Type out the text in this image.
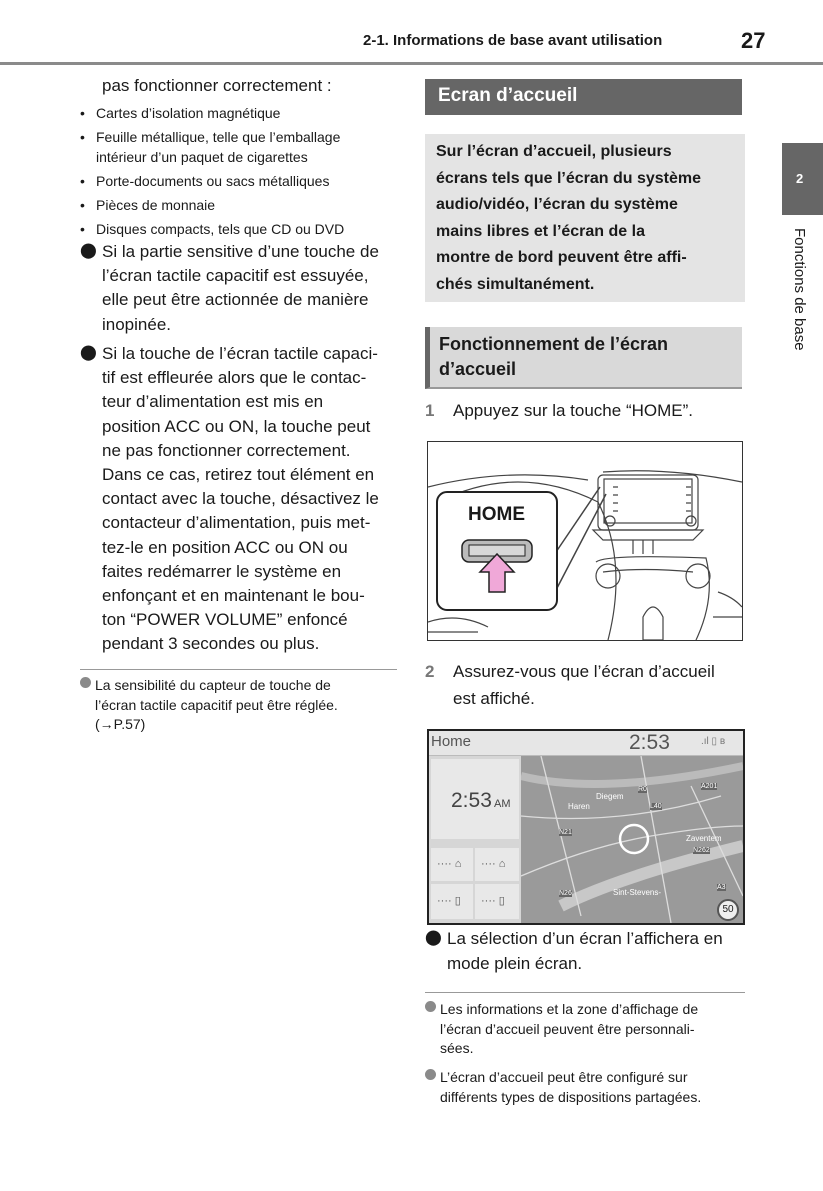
2-1. Informations de base avant utilisation	27
2
Fonctions de base
pas fonctionner correctement :
• Cartes d’isolation magnétique
• Feuille métallique, telle que l’emballage
intérieur d’un paquet de cigarettes
• Porte-documents ou sacs métalliques
• Pièces de monnaie
• Disques compacts, tels que CD ou DVD
⬤ Si la partie sensitive d’une touche de
l’écran tactile capacitif est essuyée,
elle peut être actionnée de manière
inopinée.
⬤ Si la touche de l’écran tactile capaci-
tif est effleurée alors que le contac-
teur d’alimentation est mis en
position ACC ou ON, la touche peut
ne pas fonctionner correctement.
Dans ce cas, retirez tout élément en
contact avec la touche, désactivez le
contacteur d’alimentation, puis met-
tez-le en position ACC ou ON ou
faites redémarrer le système en
enfonçant et en maintenant le bou-
ton “POWER VOLUME” enfoncé
pendant 3 secondes ou plus.
La sensibilité du capteur de touche de
l’écran tactile capacitif peut être réglée.
(→P.57)
Ecran d’accueil
Sur l’écran d’accueil, plusieurs
écrans tels que l’écran du système
audio/vidéo, l’écran du système
mains libres et l’écran de la
montre de bord peuvent être affi-
chés simultanément.
Fonctionnement de l’écran
d’accueil
1 Appuyez sur la touche “HOME”.
HOME
2 Assurez-vous que l’écran d’accueil
est affiché.
Home	2:53	.ıl ▯ ʙ
2:53 AM
···· ⌂	···· ⌂
···· ▯	···· ▯
Haren
Diegem
Zaventem
R0
L40
A201
N21
N262
N26
A3
Sint-Stevens-
50
⬤ La sélection d’un écran l’affichera en
mode plein écran.
Les informations et la zone d’affichage de
l’écran d’accueil peuvent être personnali-
sées.
L’écran d’accueil peut être configuré sur
différents types de dispositions partagées.
